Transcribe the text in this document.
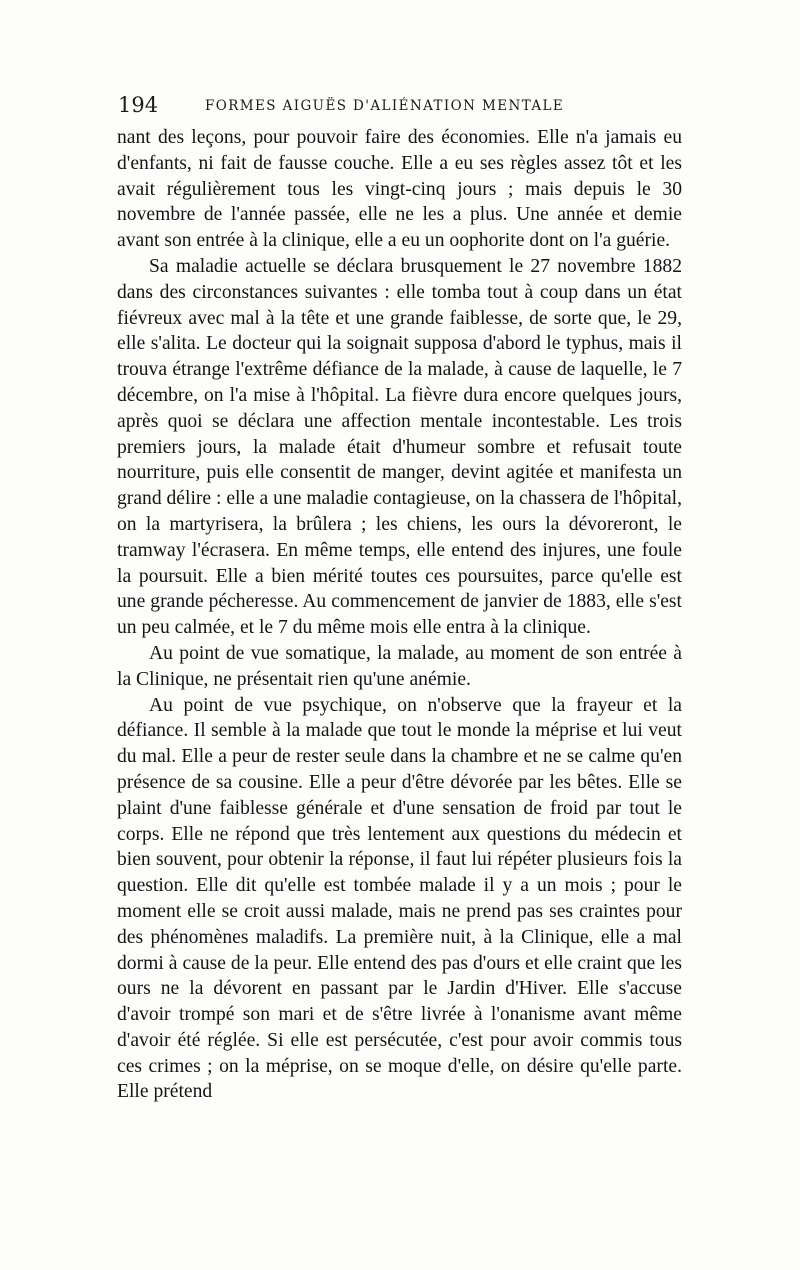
194	FORMES AIGUËS D'ALIÉNATION MENTALE

nant des leçons, pour pouvoir faire des économies. Elle n'a jamais eu d'enfants, ni fait de fausse couche. Elle a eu ses règles assez tôt et les avait régulièrement tous les vingt-cinq jours ; mais depuis le 30 novembre de l'année passée, elle ne les a plus. Une année et demie avant son entrée à la clinique, elle a eu un oophorite dont on l'a guérie.

Sa maladie actuelle se déclara brusquement le 27 novembre 1882 dans des circonstances suivantes : elle tomba tout à coup dans un état fiévreux avec mal à la tête et une grande faiblesse, de sorte que, le 29, elle s'alita. Le docteur qui la soignait supposa d'abord le typhus, mais il trouva étrange l'extrême défiance de la malade, à cause de laquelle, le 7 décembre, on l'a mise à l'hôpital. La fièvre dura encore quelques jours, après quoi se déclara une affection mentale incontestable. Les trois premiers jours, la malade était d'humeur sombre et refusait toute nourriture, puis elle consentit de manger, devint agitée et manifesta un grand délire : elle a une maladie contagieuse, on la chassera de l'hôpital, on la martyrisera, la brûlera ; les chiens, les ours la dévoreront, le tramway l'écrasera. En même temps, elle entend des injures, une foule la poursuit. Elle a bien mérité toutes ces poursuites, parce qu'elle est une grande pécheresse. Au commencement de janvier de 1883, elle s'est un peu calmée, et le 7 du même mois elle entra à la clinique.

Au point de vue somatique, la malade, au moment de son entrée à la Clinique, ne présentait rien qu'une anémie.

Au point de vue psychique, on n'observe que la frayeur et la défiance. Il semble à la malade que tout le monde la méprise et lui veut du mal. Elle a peur de rester seule dans la chambre et ne se calme qu'en présence de sa cousine. Elle a peur d'être dévorée par les bêtes. Elle se plaint d'une faiblesse générale et d'une sensation de froid par tout le corps. Elle ne répond que très lentement aux questions du médecin et bien souvent, pour obtenir la réponse, il faut lui répéter plusieurs fois la question. Elle dit qu'elle est tombée malade il y a un mois ; pour le moment elle se croit aussi malade, mais ne prend pas ses craintes pour des phénomènes maladifs. La première nuit, à la Clinique, elle a mal dormi à cause de la peur. Elle entend des pas d'ours et elle craint que les ours ne la dévorent en passant par le Jardin d'Hiver. Elle s'accuse d'avoir trompé son mari et de s'être livrée à l'onanisme avant même d'avoir été réglée. Si elle est persécutée, c'est pour avoir commis tous ces crimes ; on la méprise, on se moque d'elle, on désire qu'elle parte. Elle prétend
